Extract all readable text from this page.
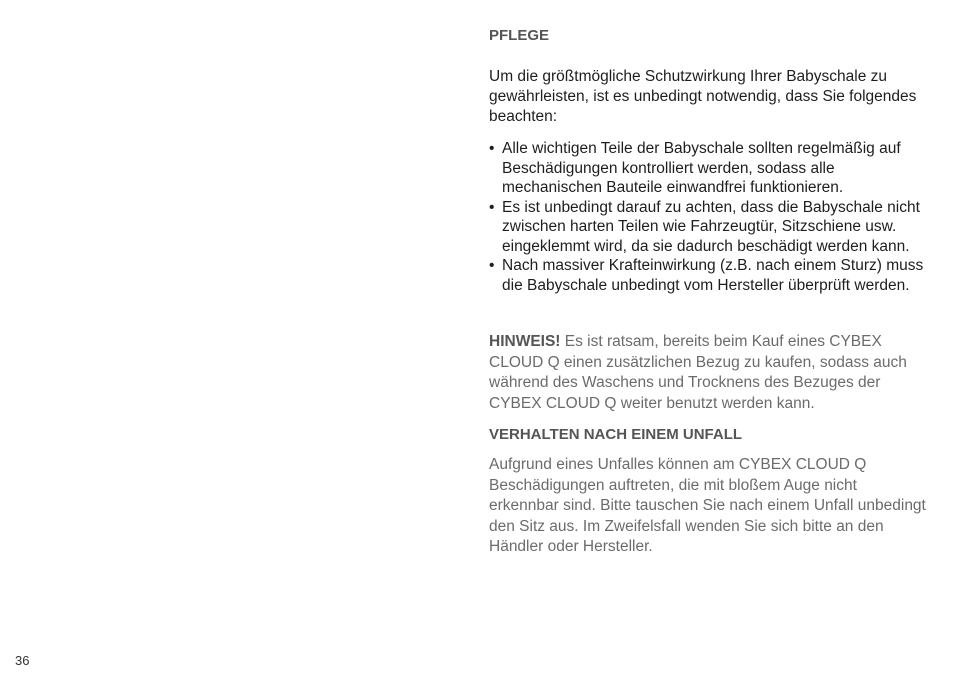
PFLEGE

Um die größtmögliche Schutzwirkung Ihrer Babyschale zu gewährleisten, ist es unbedingt notwendig, dass Sie folgendes beachten:

• Alle wichtigen Teile der Babyschale sollten regelmäßig auf Beschädigungen kontrolliert werden, sodass alle mechanischen Bauteile einwandfrei funktionieren.
• Es ist unbedingt darauf zu achten, dass die Babyschale nicht zwischen harten Teilen wie Fahrzeugtür, Sitzschiene usw. eingeklemmt wird, da sie dadurch beschädigt werden kann.
• Nach massiver Krafteinwirkung (z.B. nach einem Sturz) muss die Babyschale unbedingt vom Hersteller überprüft werden.

HINWEIS! Es ist ratsam, bereits beim Kauf eines CYBEX CLOUD Q einen zusätzlichen Bezug zu kaufen, sodass auch während des Waschens und Trocknens des Bezuges der CYBEX CLOUD Q weiter benutzt werden kann.

VERHALTEN NACH EINEM UNFALL

Aufgrund eines Unfalles können am CYBEX CLOUD Q Beschädigungen auftreten, die mit bloßem Auge nicht erkennbar sind. Bitte tauschen Sie nach einem Unfall unbedingt den Sitz aus. Im Zweifelsfall wenden Sie sich bitte an den Händler oder Hersteller.

36
